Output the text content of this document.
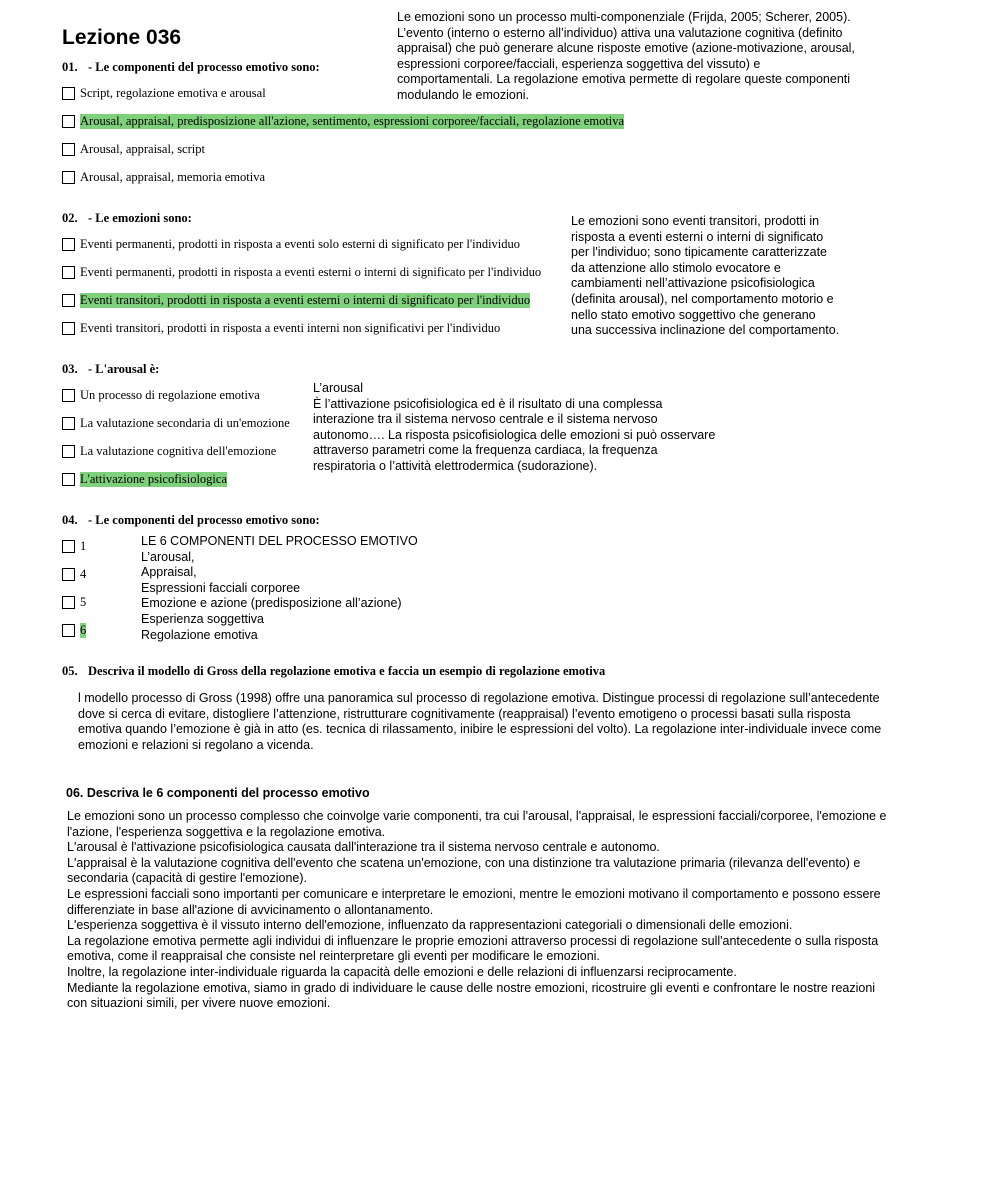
Lezione 036
01. - Le componenti del processo emotivo sono:
Script, regolazione emotiva e arousal
Arousal, appraisal, predisposizione all'azione, sentimento, espressioni corporee/facciali, regolazione emotiva
Arousal, appraisal, script
Arousal, appraisal, memoria emotiva
Le emozioni sono un processo multi-componenziale (Frijda, 2005; Scherer, 2005).
L’evento (interno o esterno all’individuo) attiva una valutazione cognitiva (definito
appraisal) che può generare alcune risposte emotive (azione-motivazione, arousal,
espressioni corporee/facciali, esperienza soggettiva del vissuto) e
comportamentali. La regolazione emotiva permette di regolare queste componenti
modulando le emozioni.
02. - Le emozioni sono:
Eventi permanenti, prodotti in risposta a eventi solo esterni di significato per l'individuo
Eventi permanenti, prodotti in risposta a eventi esterni o interni di significato per l'individuo
Eventi transitori, prodotti in risposta a eventi esterni o interni di significato per l'individuo
Eventi transitori, prodotti in risposta a eventi interni non significativi per l'individuo
Le emozioni sono eventi transitori, prodotti in
risposta a eventi esterni o interni di significato
per l'individuo; sono tipicamente caratterizzate
da attenzione allo stimolo evocatore e
cambiamenti nell’attivazione psicofisiologica
(definita arousal), nel comportamento motorio e
nello stato emotivo soggettivo che generano
una successiva inclinazione del comportamento.
03. - L'arousal è:
Un processo di regolazione emotiva
La valutazione secondaria di un'emozione
La valutazione cognitiva dell'emozione
L'attivazione psicofisiologica
L’arousal
È l’attivazione psicofisiologica ed è il risultato di una complessa
interazione tra il sistema nervoso centrale e il sistema nervoso
autonomo…. La risposta psicofisiologica delle emozioni si può osservare
attraverso parametri come la frequenza cardiaca, la frequenza
respiratoria o l’attività elettrodermica (sudorazione).
04. - Le componenti del processo emotivo sono:
1
4
5
6
LE 6 COMPONENTI DEL PROCESSO EMOTIVO
L’arousal,
Appraisal,
Espressioni facciali corporee
Emozione e azione (predisposizione all’azione)
Esperienza soggettiva
Regolazione emotiva
05. Descriva il modello di Gross della regolazione emotiva e faccia un esempio di regolazione emotiva
l modello processo di Gross (1998) offre una panoramica sul processo di regolazione emotiva. Distingue processi di regolazione sull’antecedente
dove si cerca di evitare, distogliere l’attenzione, ristrutturare cognitivamente (reappraisal) l’evento emotigeno o processi basati sulla risposta
emotiva quando l’emozione è già in atto (es. tecnica di rilassamento, inibire le espressioni del volto). La regolazione inter-individuale invece come
emozioni e relazioni si regolano a vicenda.
06. Descriva le 6 componenti del processo emotivo
Le emozioni sono un processo complesso che coinvolge varie componenti, tra cui l'arousal, l'appraisal, le espressioni facciali/corporee, l'emozione e
l'azione, l'esperienza soggettiva e la regolazione emotiva.
L'arousal è l'attivazione psicofisiologica causata dall'interazione tra il sistema nervoso centrale e autonomo.
L'appraisal è la valutazione cognitiva dell'evento che scatena un'emozione, con una distinzione tra valutazione primaria (rilevanza dell'evento) e
secondaria (capacità di gestire l'emozione).
Le espressioni facciali sono importanti per comunicare e interpretare le emozioni, mentre le emozioni motivano il comportamento e possono essere
differenziate in base all'azione di avvicinamento o allontanamento.
L'esperienza soggettiva è il vissuto interno dell'emozione, influenzato da rappresentazioni categoriali o dimensionali delle emozioni.
La regolazione emotiva permette agli individui di influenzare le proprie emozioni attraverso processi di regolazione sull'antecedente o sulla risposta
emotiva, come il reappraisal che consiste nel reinterpretare gli eventi per modificare le emozioni.
Inoltre, la regolazione inter-individuale riguarda la capacità delle emozioni e delle relazioni di influenzarsi reciprocamente.
Mediante la regolazione emotiva, siamo in grado di individuare le cause delle nostre emozioni, ricostruire gli eventi e confrontare le nostre reazioni
con situazioni simili, per vivere nuove emozioni.
